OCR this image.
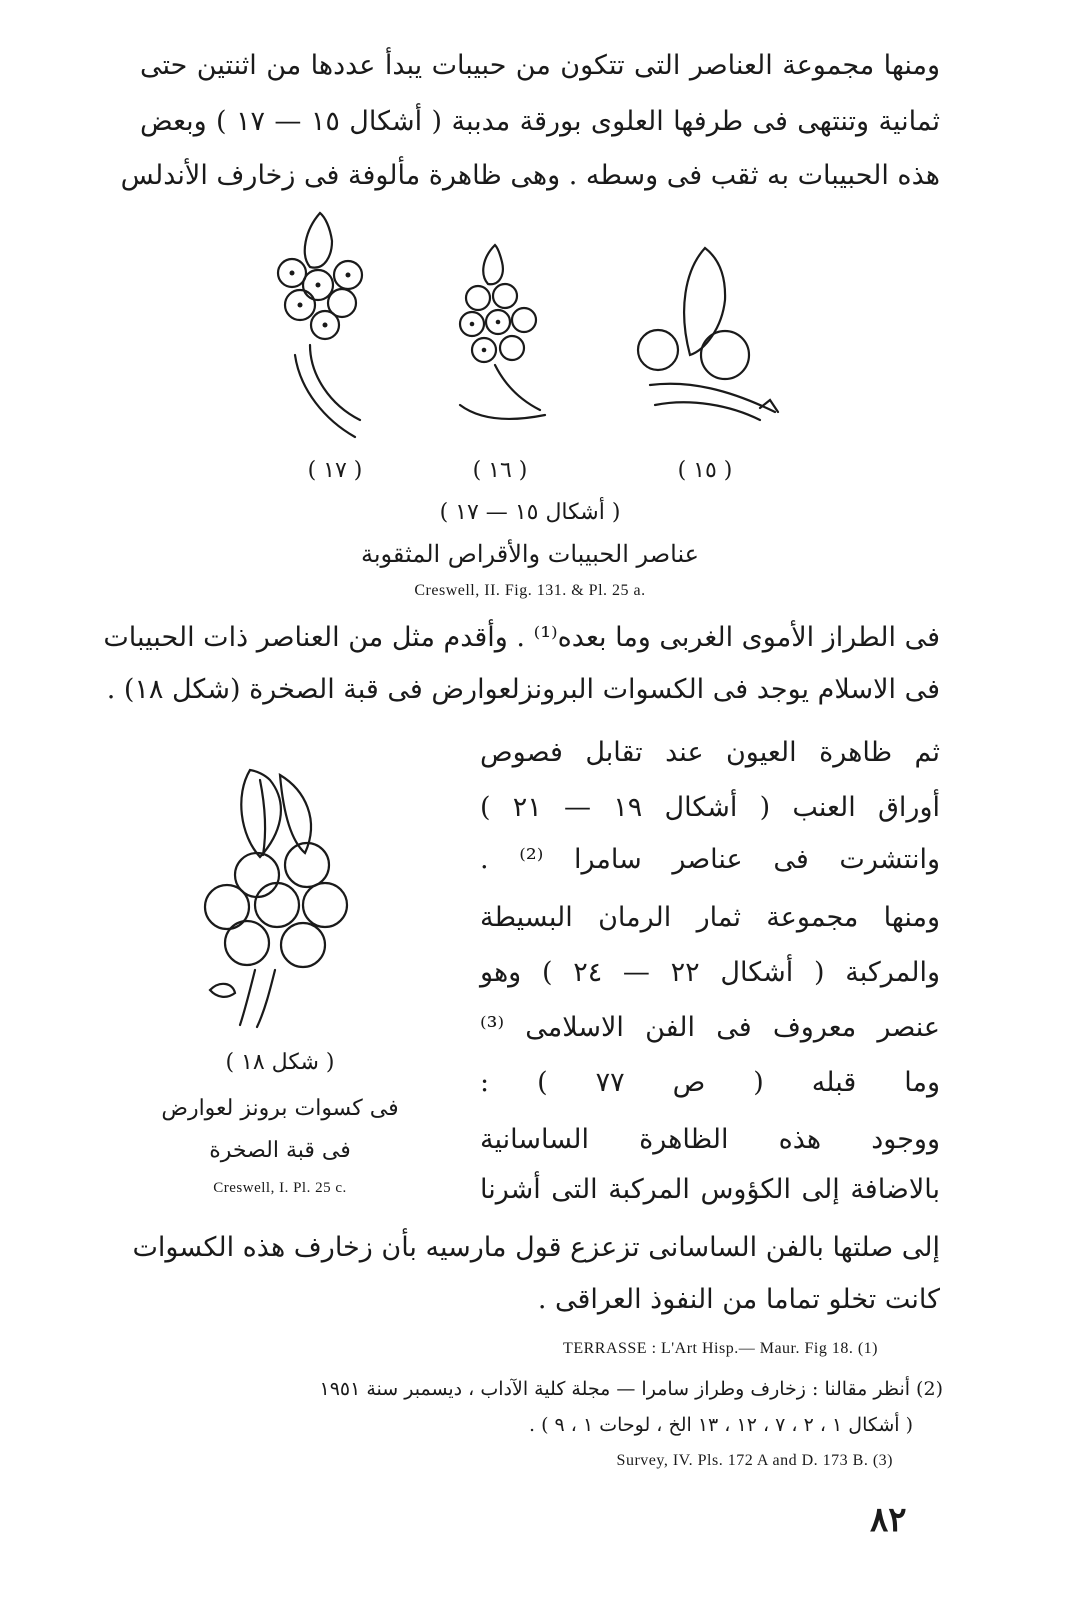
ومنها مجموعة العناصر التى تتكون من حبيبات يبدأ عددها من اثنتين حتى
ثمانية وتنتهى فى طرفها العلوى بورقة مدببة ( أشكال ١٥ — ١٧ ) وبعض
هذه الحبيبات به ثقب فى وسطه . وهى ظاهرة مألوفة فى زخارف الأندلس
( ١٧ )	( ١٦ )	( ١٥ )
( أشكال ١٥ — ١٧ )
عناصر الحبيبات والأقراص المثقوبة
Creswell, II. Fig. 131. & Pl. 25 a.
فى الطراز الأموى الغربى وما بعده⁽¹⁾ . وأقدم مثل من العناصر ذات الحبيبات
فى الاسلام يوجد فى الكسوات البرونزلعوارض فى قبة الصخرة (شكل ١٨) .
ثم ظاهرة العيون عند تقابل فصوص
أوراق العنب ( أشكال ١٩ — ٢١ )
وانتشرت فى عناصر سامرا ⁽²⁾ .
ومنها مجموعة ثمار الرمان البسيطة
والمركبة ( أشكال ٢٢ — ٢٤ ) وهو
عنصر معروف فى الفن الاسلامى ⁽³⁾
وما قبله ( ص ٧٧ ) :
ووجود هذه الظاهرة الساسانية
بالاضافة إلى الكؤوس المركبة التى أشرنا
( شكل ١٨ )
فى كسوات برونز لعوارض
فى قبة الصخرة
Creswell, I. Pl. 25 c.
إلى صلتها بالفن الساسانى تزعزع قول مارسيه بأن زخارف هذه الكسوات
كانت تخلو تماما من النفوذ العراقى .
TERRASSE : L'Art Hisp.— Maur. Fig 18. (1)
(2) أنظر مقالنا : زخارف وطراز سامرا — مجلة كلية الآداب ، ديسمبر سنة ١٩٥١
( أشكال ١ ، ٢ ، ٧ ، ١٢ ، ١٣ الخ ، لوحات ١ ، ٩ ) .
Survey, IV. Pls. 172 A and D. 173 B. (3)
٨٢
